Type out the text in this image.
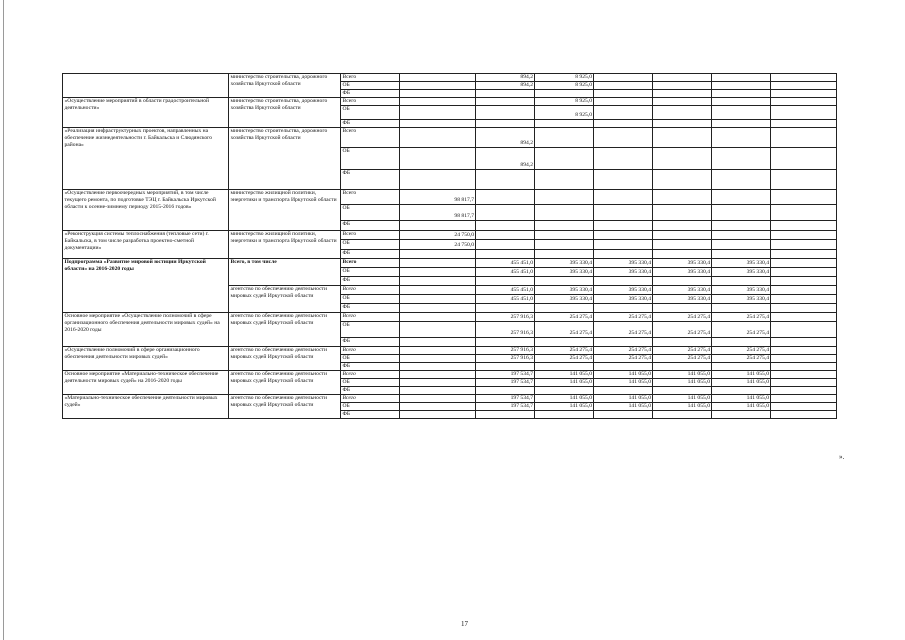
	министерство строительства, дорожного хозяйства Иркутской области	Всего		894,2	8 925,0					
		ОБ		894,2	8 925,0					
		ФБ								
«Осуществление мероприятий в области градостроительной деятельности»	министерство строительства, дорожного хозяйства Иркутской области	Всего			8 925,0					
		ОБ			8 925,0					
		ФБ								
«Реализация инфраструктурных проектов, направленных на обеспечение жизнедеятельности г. Байкальска и Слюдянского района»	министерство строительства, дорожного хозяйства Иркутской области	Всего		894,2						
		ОБ		894,2						
		ФБ								
«Осуществление первоочередных мероприятий, в том числе текущего ремонта, по подготовке ТЭЦ г. Байкальска Иркутской области к осенне-зимнему периоду 2015-2016 годов»	министерство жилищной политики, энергетики и транспорта Иркутской области	Всего	98 817,7							
		ОБ	98 817,7							
		ФБ								
«Реконструкция системы теплоснабжения (тепловые сети) г. Байкальска, в том числе разработка проектно-сметной документации»	министерство жилищной политики, энергетики и транспорта Иркутской области	Всего	24 750,0							
		ОБ	24 750,0							
		ФБ								
Подпрограмма «Развитие мировой юстиции Иркутской области» на 2016-2020 годы	Всего, в том числе	Всего		455 451,0	395 330,4	395 330,4	395 330,4	395 330,4		
		ОБ		455 451,0	395 330,4	395 330,4	395 330,4	395 330,4		
		ФБ								
	агентство по обеспечению деятельности мировых судей Иркутской области	Всего		455 451,0	395 330,4	395 330,4	395 330,4	395 330,4		
		ОБ		455 451,0	395 330,4	395 330,4	395 330,4	395 330,4		
		ФБ								
Основное мероприятие «Осуществление полномочий в сфере организационного обеспечения деятельности мировых судей» на 2016-2020 годы	агентство по обеспечению деятельности мировых судей Иркутской области	Всего		257 916,3	254 275,4	254 275,4	254 275,4	254 275,4		
		ОБ		257 916,3	254 275,4	254 275,4	254 275,4	254 275,4		
		ФБ								
«Осуществление полномочий в сфере организационного обеспечения деятельности мировых судей»	агентство по обеспечению деятельности мировых судей Иркутской области	Всего		257 916,3	254 275,4	254 275,4	254 275,4	254 275,4		
		ОБ		257 916,3	254 275,4	254 275,4	254 275,4	254 275,4		
		ФБ								
Основное мероприятие «Материально-техническое обеспечение деятельности мировых судей» на 2016-2020 годы	агентство по обеспечению деятельности мировых судей Иркутской области	Всего		197 534,7	141 055,0	141 055,0	141 055,0	141 055,0		
		ОБ		197 534,7	141 055,0	141 055,0	141 055,0	141 055,0		
		ФБ								
«Материально-техническое обеспечение деятельности мировых судей»	агентство по обеспечению деятельности мировых судей Иркутской области	Всего		197 534,7	141 055,0	141 055,0	141 055,0	141 055,0		
		ОБ		197 534,7	141 055,0	141 055,0	141 055,0	141 055,0		
		ФБ								
».
17
